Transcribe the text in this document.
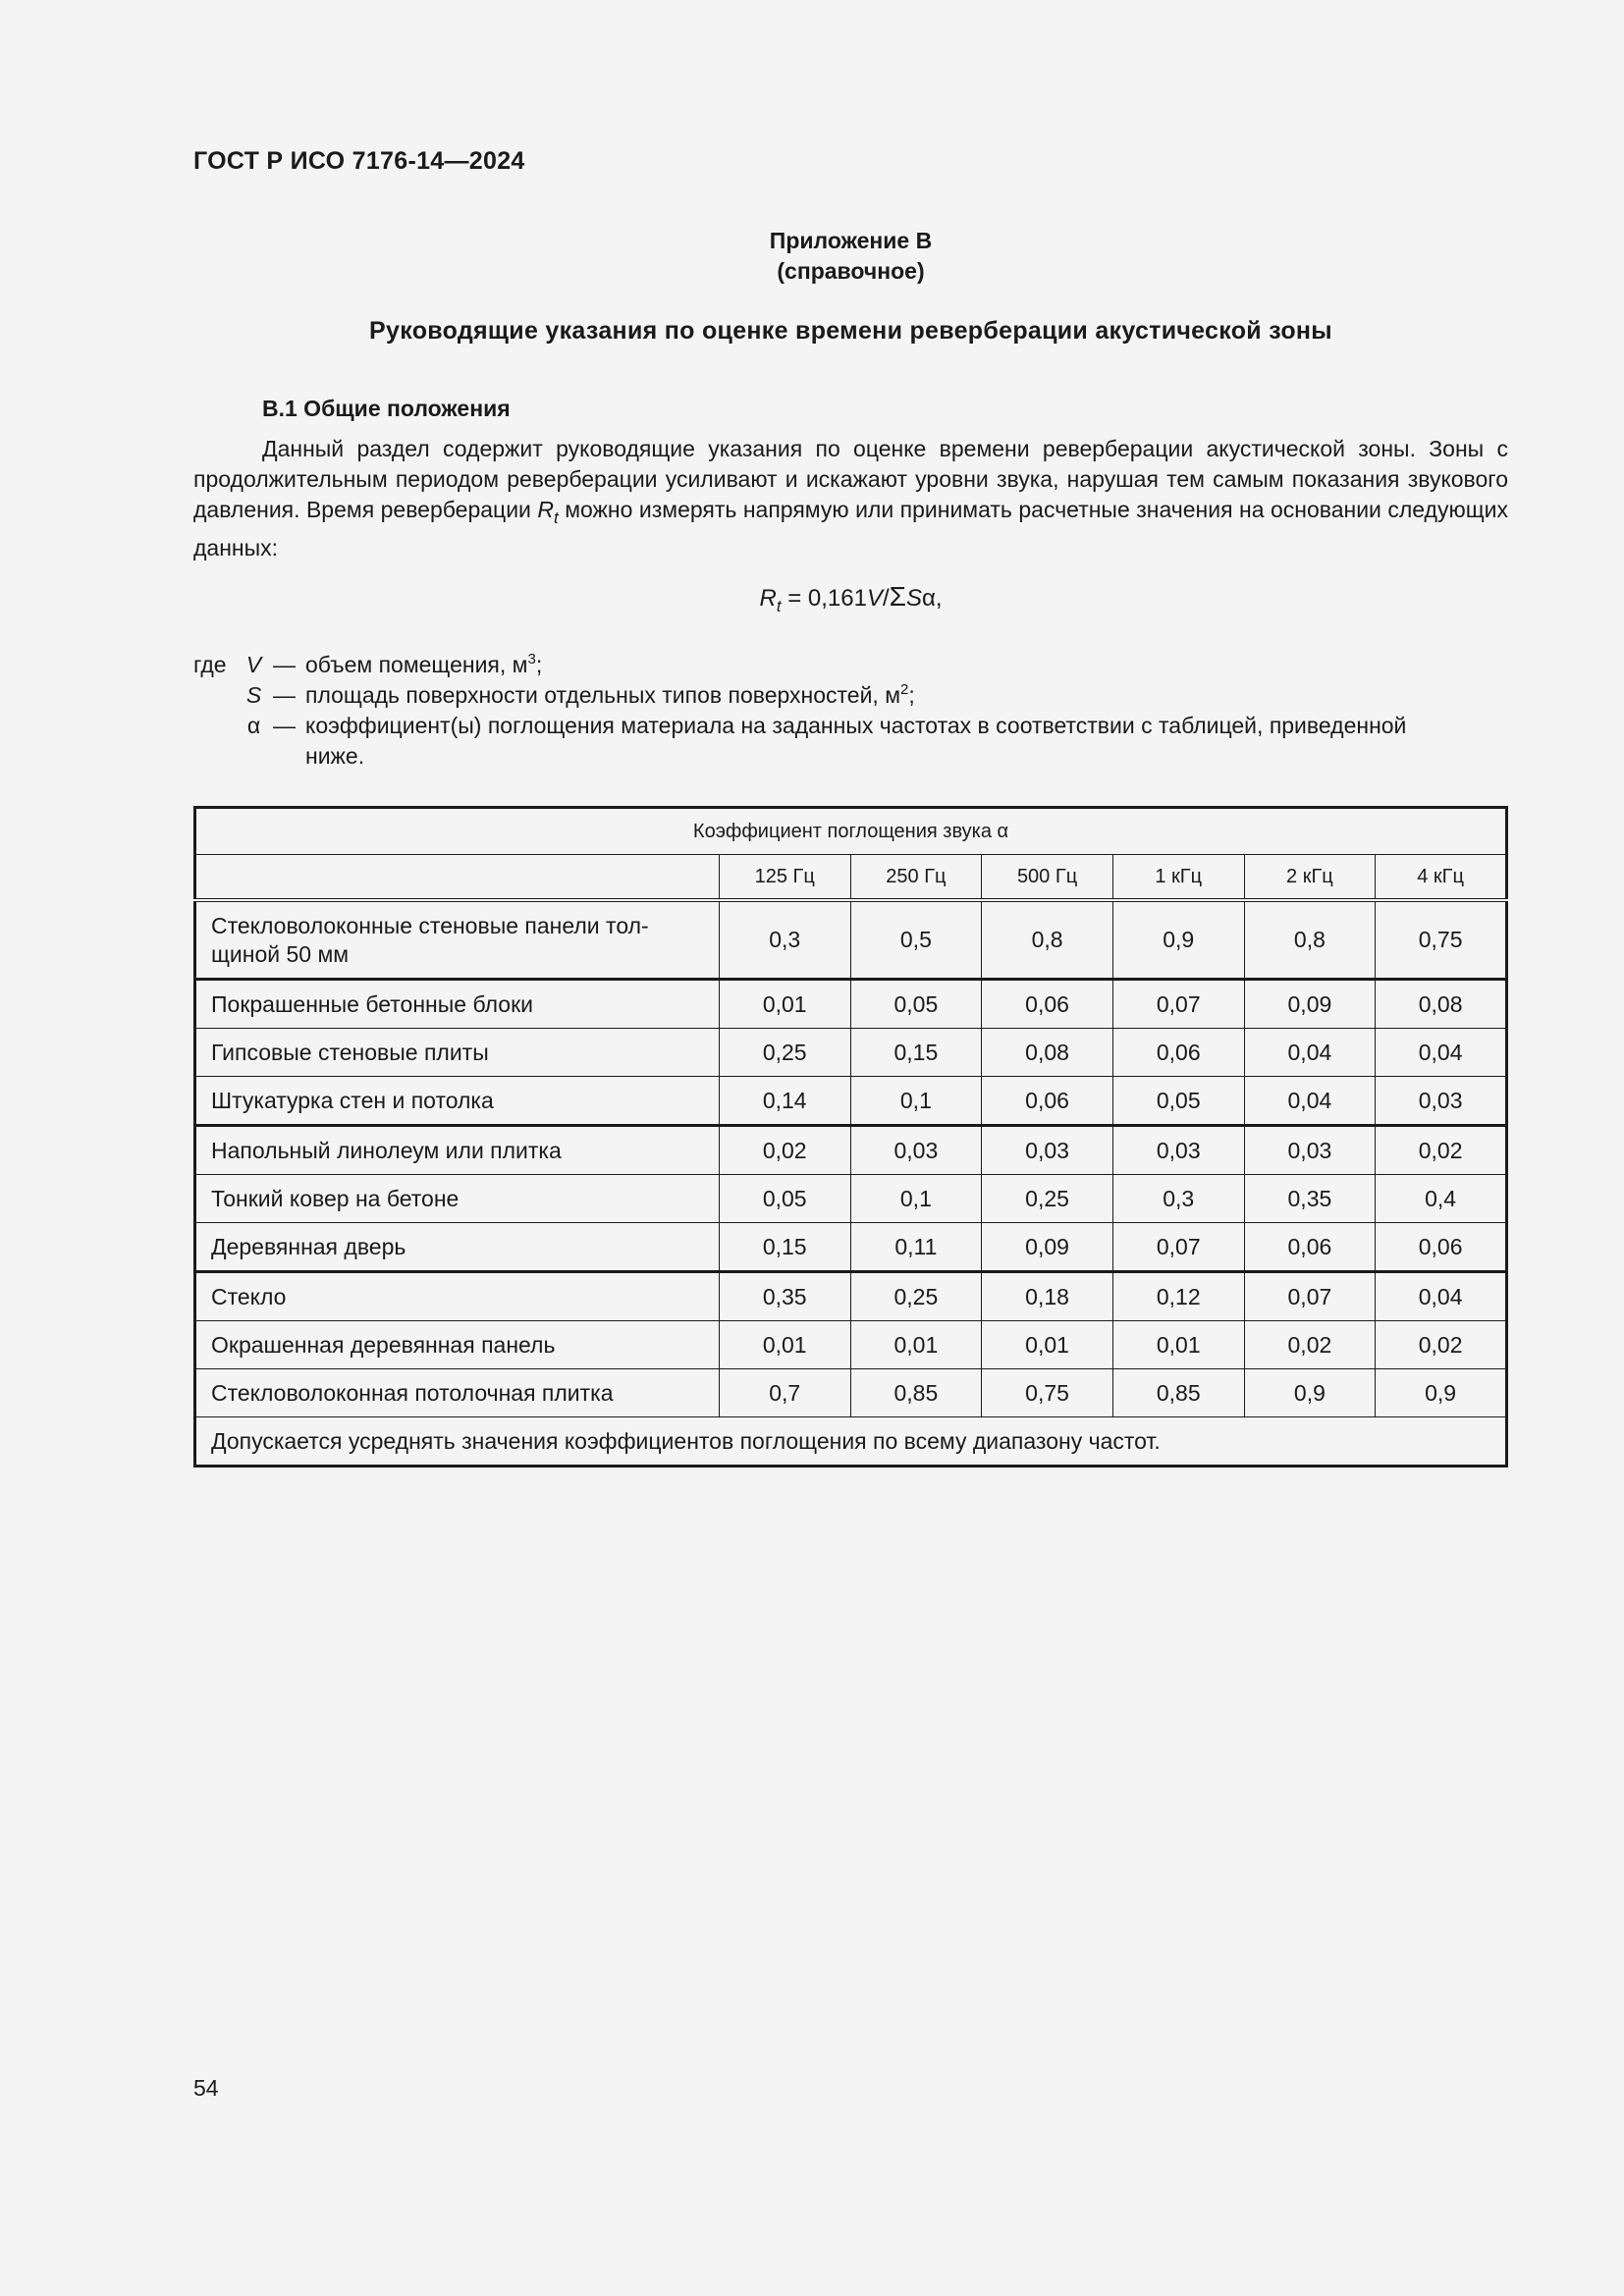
ГОСТ Р ИСО 7176-14—2024
Приложение В
(справочное)
Руководящие указания по оценке времени реверберации акустической зоны
В.1 Общие положения
Данный раздел содержит руководящие указания по оценке времени реверберации акустической зоны. Зоны с продолжительным периодом реверберации усиливают и искажают уровни звука, нарушая тем самым показания звукового давления. Время реверберации $R_t$ можно измерять напрямую или принимать расчетные значения на основании следующих данных:
$R_t = 0,161V/\Sigma S\alpha$,
где V — объем помещения, $м^3$;
S — площадь поверхности отдельных типов поверхностей, $м^2$;
α — коэффициент(ы) поглощения материала на заданных частотах в соответствии с таблицей, приведенной
ниже.
Коэффициент поглощения звука α						
	125 Гц	250 Гц	500 Гц	1 кГц	2 кГц	4 кГц

Стекловолоконные стеновые панели тол-
щиной 50 мм	0,3	0,5	0,8	0,9	0,8	0,75
Покрашенные бетонные блоки	0,01	0,05	0,06	0,07	0,09	0,08
Гипсовые стеновые плиты	0,25	0,15	0,08	0,06	0,04	0,04
Штукатурка стен и потолка	0,14	0,1	0,06	0,05	0,04	0,03
Напольный линолеум или плитка	0,02	0,03	0,03	0,03	0,03	0,02
Тонкий ковер на бетоне	0,05	0,1	0,25	0,3	0,35	0,4
Деревянная дверь	0,15	0,11	0,09	0,07	0,06	0,06
Стекло	0,35	0,25	0,18	0,12	0,07	0,04
Окрашенная деревянная панель	0,01	0,01	0,01	0,01	0,02	0,02
Стекловолоконная потолочная плитка	0,7	0,85	0,75	0,85	0,9	0,9
Допускается усреднять значения коэффициентов поглощения по всему диапазону частот.						
54
